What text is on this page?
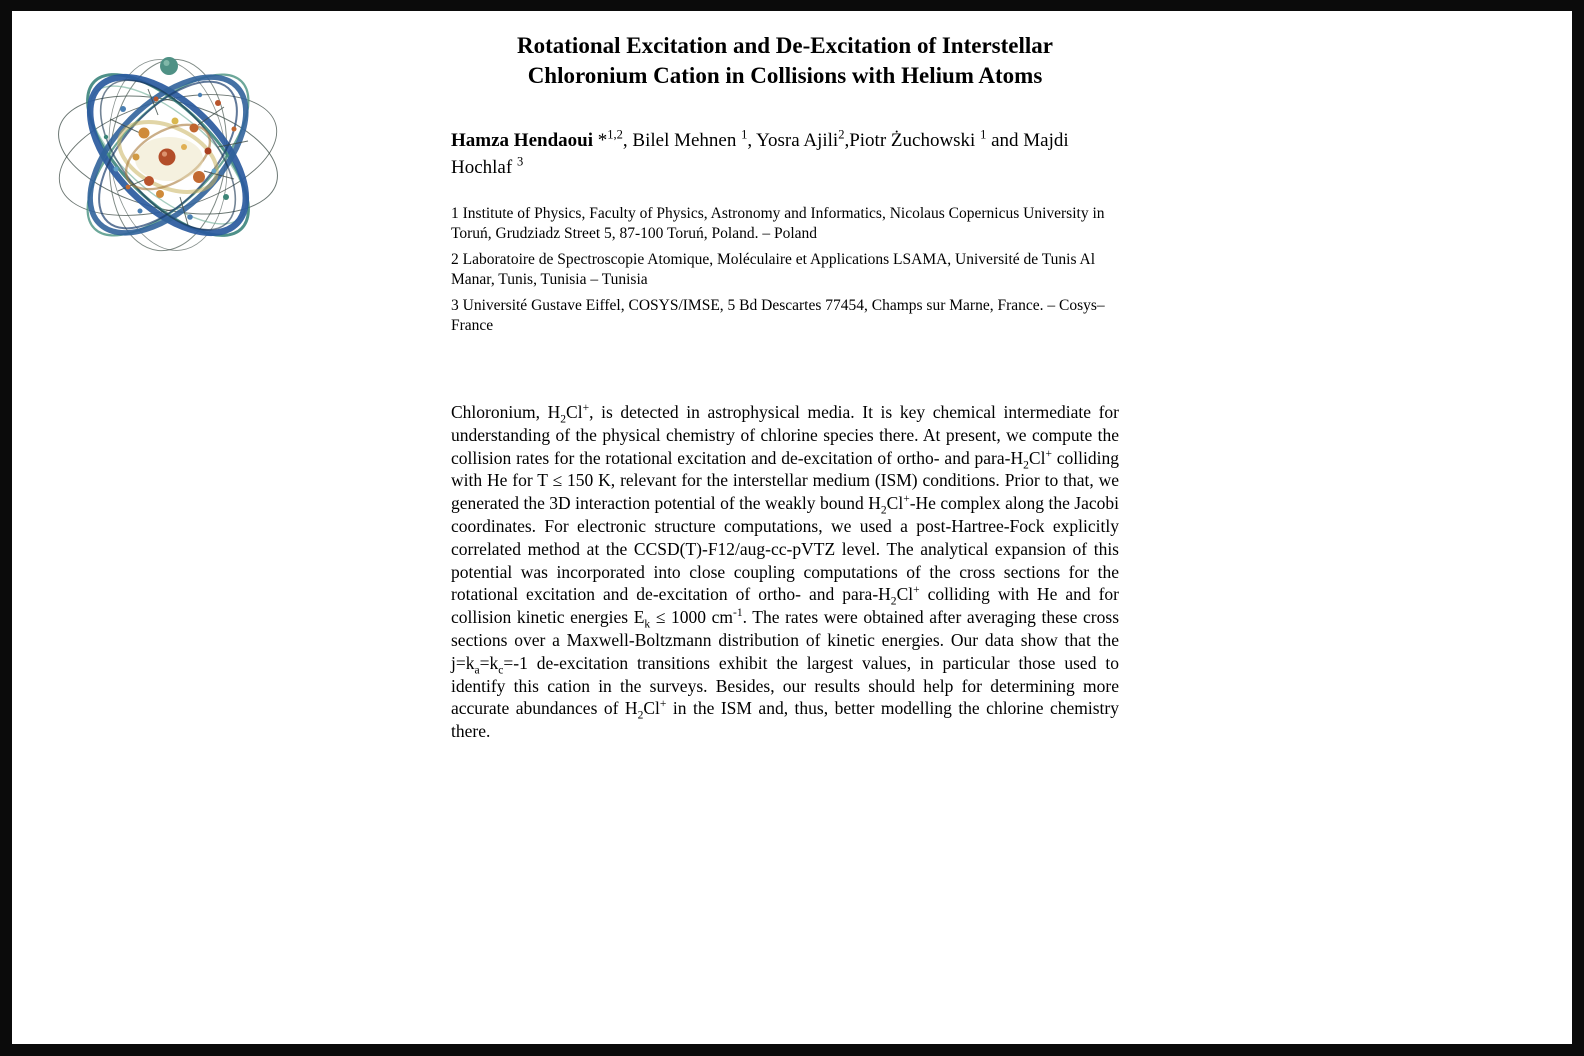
Rotational Excitation and De-Excitation of Interstellar
Chloronium Cation in Collisions with Helium Atoms

Hamza Hendaoui *$^{1,2}$, Bilel Mehnen $^1$, Yosra Ajili$^2$,Piotr Żuchowski $^1$ and Majdi Hochlaf $^3$

1 Institute of Physics, Faculty of Physics, Astronomy and Informatics, Nicolaus Copernicus University in Toruń, Grudziadz Street 5, 87-100 Toruń, Poland. – Poland

2 Laboratoire de Spectroscopie Atomique, Moléculaire et Applications LSAMA, Université de Tunis Al Manar, Tunis, Tunisia – Tunisia

3 Université Gustave Eiffel, COSYS/IMSE, 5 Bd Descartes 77454, Champs sur Marne, France. – Cosys– France

Chloronium, $H_2Cl^+$, is detected in astrophysical media. It is key chemical intermediate for understanding of the physical chemistry of chlorine species there. At present, we compute the collision rates for the rotational excitation and de-excitation of ortho- and para-$H_2Cl^+$ colliding with He for T ≤ 150 K, relevant for the interstellar medium (ISM) conditions. Prior to that, we generated the 3D interaction potential of the weakly bound $H_2Cl^+-He$ complex along the Jacobi coordinates. For electronic structure computations, we used a post-Hartree-Fock explicitly correlated method at the CCSD(T)-F12/aug-cc-pVTZ level. The analytical expansion of this potential was incorporated into close coupling computations of the cross sections for the rotational excitation and de-excitation of ortho- and para-$H_2Cl^+$ colliding with He and for collision kinetic energies $E_k \le 1000$ $cm^{-1}$. The rates were obtained after averaging these cross sections over a Maxwell-Boltzmann distribution of kinetic energies. Our data show that the $j=k_a=k_c=-1$ de-excitation transitions exhibit the largest values, in particular those used to identify this cation in the surveys. Besides, our results should help for determining more accurate abundances of $H_2Cl^+$ in the ISM and, thus, better modelling the chlorine chemistry there.
